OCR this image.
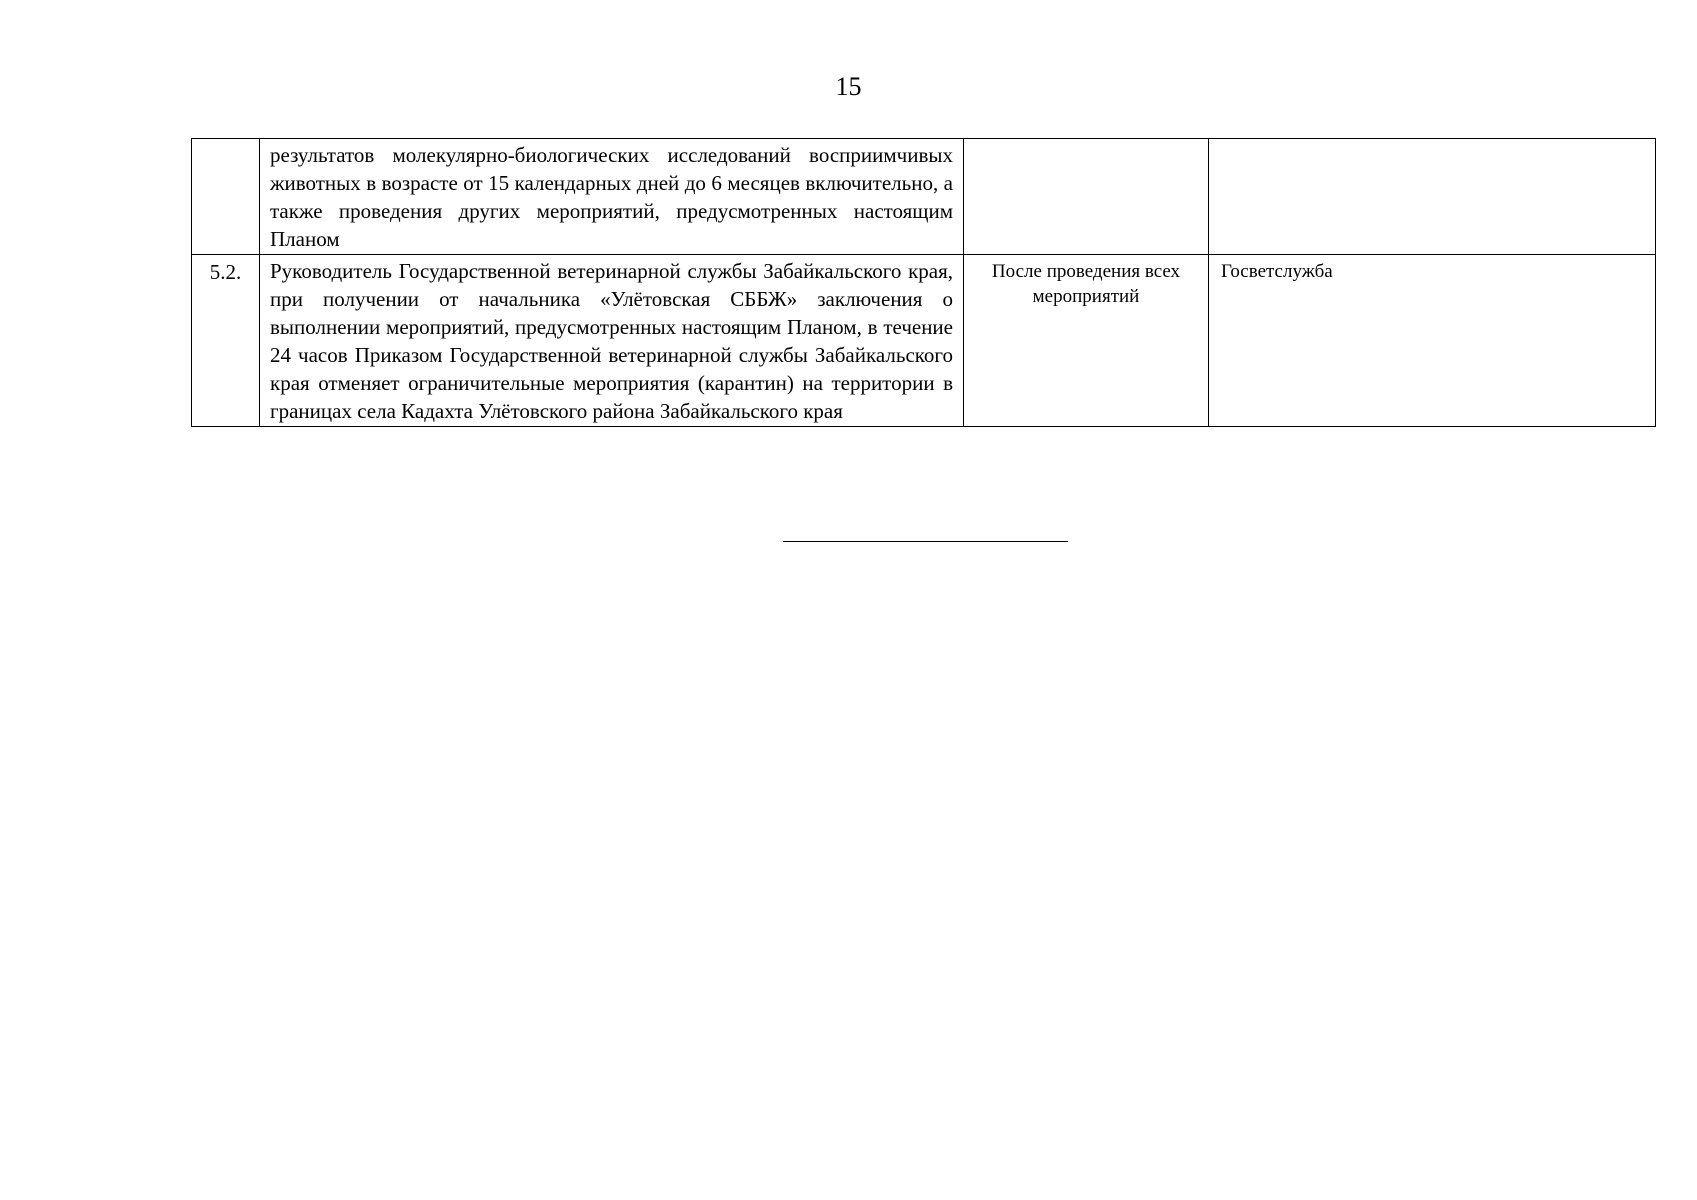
15
	результатов молекулярно-биологических исследований восприимчивых животных в возрасте от 15 календарных дней до 6 месяцев включительно, а также проведения других мероприятий, предусмотренных настоящим Планом		
5.2.	Руководитель Государственной ветеринарной службы Забайкальского края, при получении от начальника «Улётовская СББЖ» заключения о выполнении мероприятий, предусмотренных настоящим Планом, в течение 24 часов Приказом Государственной ветеринарной службы Забайкальского края отменяет ограничительные мероприятия (карантин) на территории в границах села Кадахта Улётовского района Забайкальского края	После проведения всех мероприятий	Госветслужба
